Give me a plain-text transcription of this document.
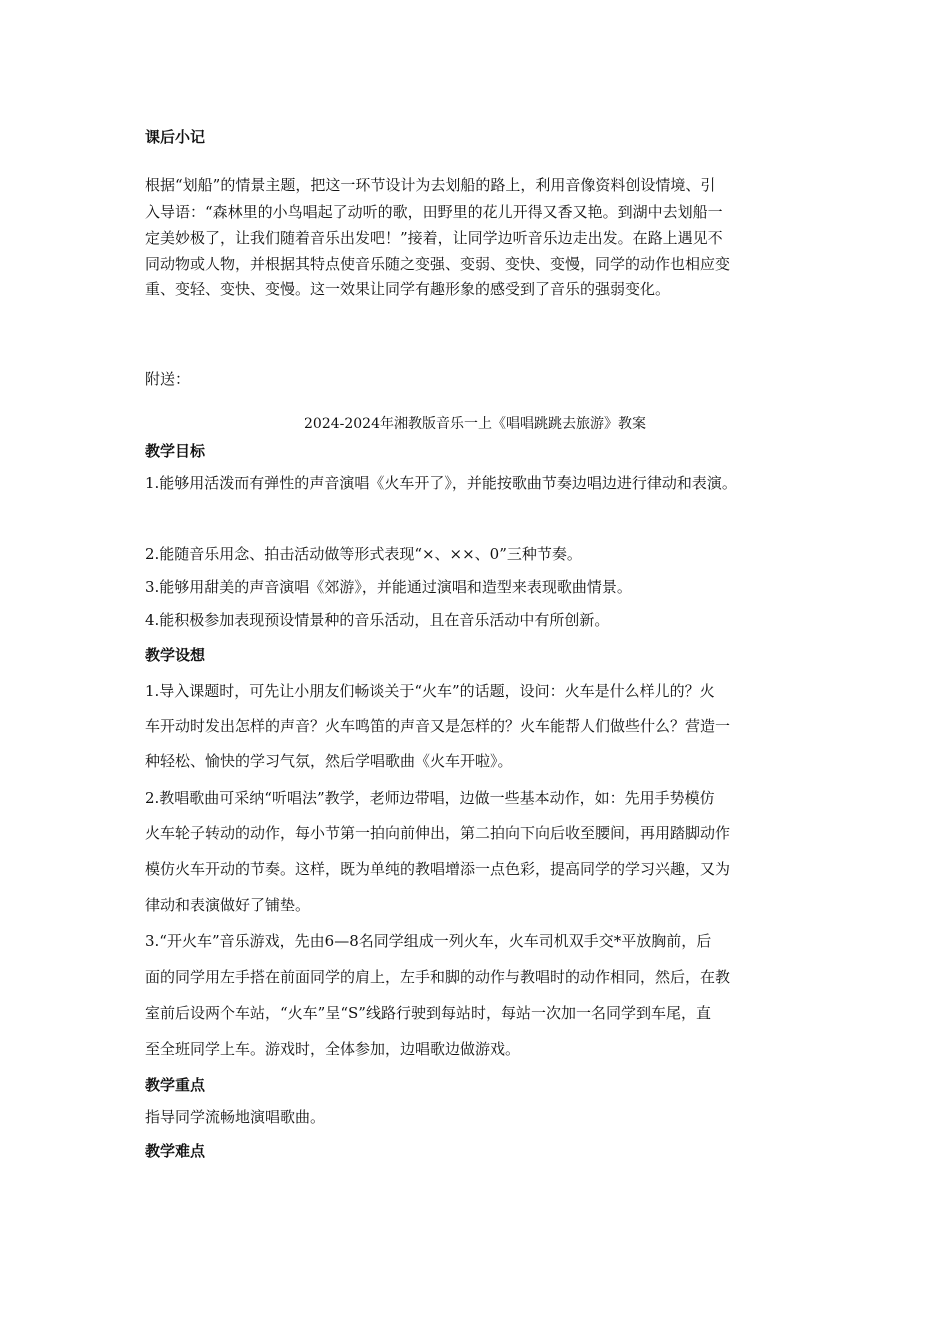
课后小记
根据“划船”的情景主题，把这一环节设计为去划船的路上，利用音像资料创设情境、引
入导语：“森林里的小鸟唱起了动听的歌，田野里的花儿开得又香又艳。到湖中去划船一
定美妙极了，让我们随着音乐出发吧！”接着，让同学边听音乐边走出发。在路上遇见不
同动物或人物，并根据其特点使音乐随之变强、变弱、变快、变慢，同学的动作也相应变
重、变轻、变快、变慢。这一效果让同学有趣形象的感受到了音乐的强弱变化。
附送：
2024-2024年湘教版音乐一上《唱唱跳跳去旅游》教案
教学目标
1.能够用活泼而有弹性的声音演唱《火车开了》，并能按歌曲节奏边唱边进行律动和表演。
2.能随音乐用念、拍击活动做等形式表现“×、××、0”三种节奏。
3.能够用甜美的声音演唱《郊游》，并能通过演唱和造型来表现歌曲情景。
4.能积极参加表现预设情景种的音乐活动，且在音乐活动中有所创新。
教学设想
1.导入课题时，可先让小朋友们畅谈关于“火车”的话题，设问：火车是什么样儿的？火
车开动时发出怎样的声音？火车鸣笛的声音又是怎样的？火车能帮人们做些什么？营造一
种轻松、愉快的学习气氛，然后学唱歌曲《火车开啦》。
2.教唱歌曲可采纳“听唱法”教学，老师边带唱，边做一些基本动作，如：先用手势模仿
火车轮子转动的动作，每小节第一拍向前伸出，第二拍向下向后收至腰间，再用踏脚动作
模仿火车开动的节奏。这样，既为单纯的教唱增添一点色彩，提高同学的学习兴趣，又为
律动和表演做好了铺垫。
3.“开火车”音乐游戏，先由6—8名同学组成一列火车，火车司机双手交*平放胸前，后
面的同学用左手搭在前面同学的肩上，左手和脚的动作与教唱时的动作相同，然后，在教
室前后设两个车站，“火车”呈“S”线路行驶到每站时，每站一次加一名同学到车尾，直
至全班同学上车。游戏时，全体参加，边唱歌边做游戏。
教学重点
指导同学流畅地演唱歌曲。
教学难点
